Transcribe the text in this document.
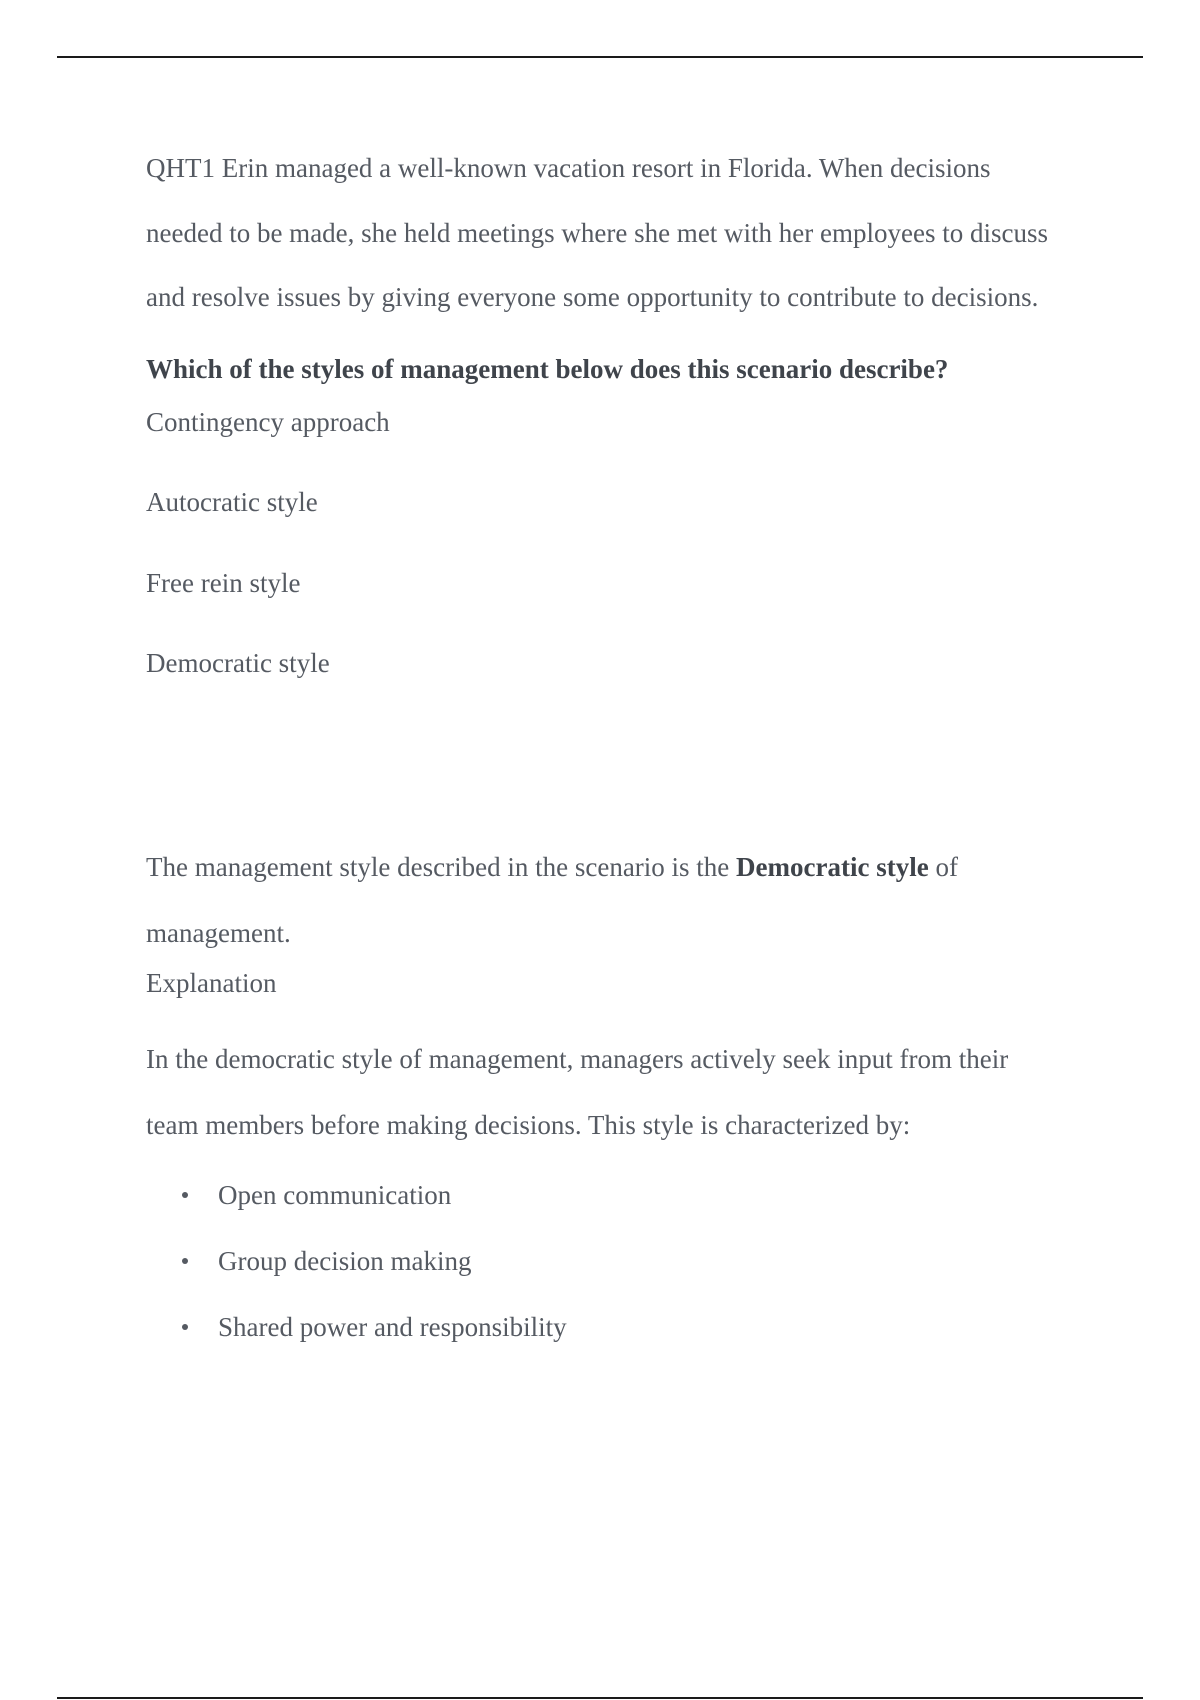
QHT1 Erin managed a well-known vacation resort in Florida. When decisions needed to be made, she held meetings where she met with her employees to discuss and resolve issues by giving everyone some opportunity to contribute to decisions.

Which of the styles of management below does this scenario describe?

Contingency approach
Autocratic style
Free rein style
Democratic style

The management style described in the scenario is the Democratic style of management.

Explanation

In the democratic style of management, managers actively seek input from their team members before making decisions. This style is characterized by:

Open communication
Group decision making
Shared power and responsibility
